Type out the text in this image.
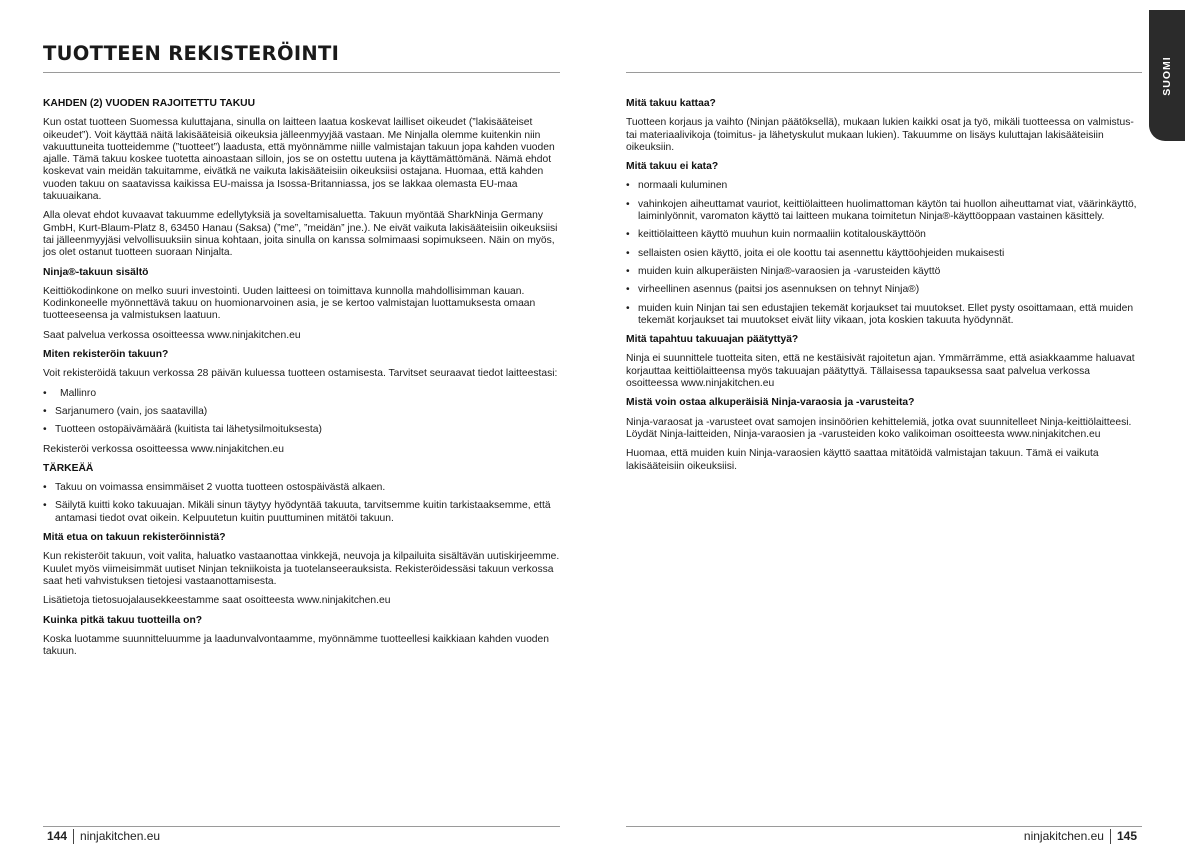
TUOTTEEN REKISTERÖINTI
SUOMI
KAHDEN (2) VUODEN RAJOITETTU TAKUU

Kun ostat tuotteen Suomessa kuluttajana, sinulla on laitteen laatua koskevat lailliset oikeudet (”lakisääteiset oikeudet”). Voit käyttää näitä lakisääteisiä oikeuksia jälleenmyyjää vastaan. Me Ninjalla olemme kuitenkin niin vakuuttuneita tuotteidemme (”tuotteet”) laadusta, että myönnämme niille valmistajan takuun jopa kahden vuoden ajalle. Tämä takuu koskee tuotetta ainoastaan silloin, jos se on ostettu uutena ja käyttämättömänä. Nämä ehdot koskevat vain meidän takuitamme, eivätkä ne vaikuta lakisääteisiin oikeuksiisi ostajana. Huomaa, että kahden vuoden takuu on saatavissa kaikissa EU-maissa ja Isossa-Britanniassa, jos se lakkaa olemasta EU-maa takuuaikana.

Alla olevat ehdot kuvaavat takuumme edellytyksiä ja soveltamisaluetta. Takuun myöntää SharkNinja Germany GmbH, Kurt-Blaum-Platz 8, 63450 Hanau (Saksa) (”me”, ”meidän” jne.). Ne eivät vaikuta lakisääteisiin oikeuksiisi tai jälleenmyyjäsi velvollisuuksiin sinua kohtaan, joita sinulla on kanssa solmimaasi sopimukseen. Näin on myös, jos olet ostanut tuotteen suoraan Ninjalta.

Ninja®-takuun sisältö

Keittiökodinkone on melko suuri investointi. Uuden laitteesi on toimittava kunnolla mahdollisimman kauan. Kodinkoneelle myönnettävä takuu on huomionarvoinen asia, je se kertoo valmistajan luottamuksesta omaan tuotteeseensa ja valmistuksen laatuun.

Saat palvelua verkossa osoitteessa www.ninjakitchen.eu

Miten rekisteröin takuun?

Voit rekisteröidä takuun verkossa 28 päivän kuluessa tuotteen ostamisesta. Tarvitset seuraavat tiedot laitteestasi:

• Mallinro
• Sarjanumero (vain, jos saatavilla)
• Tuotteen ostopäivämäärä (kuitista tai lähetysilmoituksesta)

Rekisteröi verkossa osoitteessa www.ninjakitchen.eu

TÄRKEÄÄ
• Takuu on voimassa ensimmäiset 2 vuotta tuotteen ostospäivästä alkaen.
• Säilytä kuitti koko takuuajan. Mikäli sinun täytyy hyödyntää takuuta, tarvitsemme kuitin tarkistaaksemme, että antamasi tiedot ovat oikein. Kelpuutetun kuitin puuttuminen mitätöi takuun.
Mitä etua on takuun rekisteröinnistä?

Kun rekisteröit takuun, voit valita, haluatko vastaanottaa vinkkejä, neuvoja ja kilpailuita sisältävän uutiskirjeemme. Kuulet myös viimeisimmät uutiset Ninjan tekniikoista ja tuotelanseerauksista. Rekisteröidessäsi takuun verkossa saat heti vahvistuksen tietojesi vastaanottamisesta.

Lisätietoja tietosuojalausekkeestamme saat osoitteesta www.ninjakitchen.eu

Kuinka pitkä takuu tuotteilla on?

Koska luotamme suunnitteluumme ja laadunvalvontaamme, myönnämme tuotteellesi kaikkiaan kahden vuoden takuun.

Mitä takuu kattaa?

Tuotteen korjaus ja vaihto (Ninjan päätöksellä), mukaan lukien kaikki osat ja työ, mikäli tuotteessa on valmistus- tai materiaalivikoja (toimitus- ja lähetyskulut mukaan lukien). Takuumme on lisäys kuluttajan lakisääteisiin oikeuksiin.

Mitä takuu ei kata?
• normaali kuluminen
• vahinkojen aiheuttamat vauriot, keittiölaitteen huolimattoman käytön tai huollon aiheuttamat viat, väärinkäyttö, laiminlyönnit, varomaton käyttö tai laitteen mukana toimitetun Ninja®-käyttöoppaan vastainen käsittely.
• keittiölaitteen käyttö muuhun kuin normaaliin kotitalouskäyttöön
• sellaisten osien käyttö, joita ei ole koottu tai asennettu käyttöohjeiden mukaisesti
• muiden kuin alkuperäisten Ninja®-varaosien ja -varusteiden käyttö
• virheellinen asennus (paitsi jos asennuksen on tehnyt Ninja®)
• muiden kuin Ninjan tai sen edustajien tekemät korjaukset tai muutokset. Ellet pysty osoittamaan, että muiden tekemät korjaukset tai muutokset eivät liity vikaan, jota koskien takuuta hyödynnät.
Mitä tapahtuu takuuajan päätyttyä?

Ninja ei suunnittele tuotteita siten, että ne kestäisivät rajoitetun ajan. Ymmärrämme, että asiakkaamme haluavat korjauttaa keittiölaitteensa myös takuuajan päätyttyä. Tällaisessa tapauksessa saat palvelua verkossa osoitteessa www.ninjakitchen.eu

Mistä voin ostaa alkuperäisiä Ninja-varaosia ja -varusteita?

Ninja-varaosat ja -varusteet ovat samojen insinöörien kehittelemiä, jotka ovat suunnitelleet Ninja-keittiölaitteesi. Löydät Ninja-laitteiden, Ninja-varaosien ja -varusteiden koko valikoiman osoitteesta www.ninjakitchen.eu

Huomaa, että muiden kuin Ninja-varaosien käyttö saattaa mitätöidä valmistajan takuun. Tämä ei vaikuta lakisääteisiin oikeuksiisi.

144 ninjakitchen.eu	ninjakitchen.eu 145
